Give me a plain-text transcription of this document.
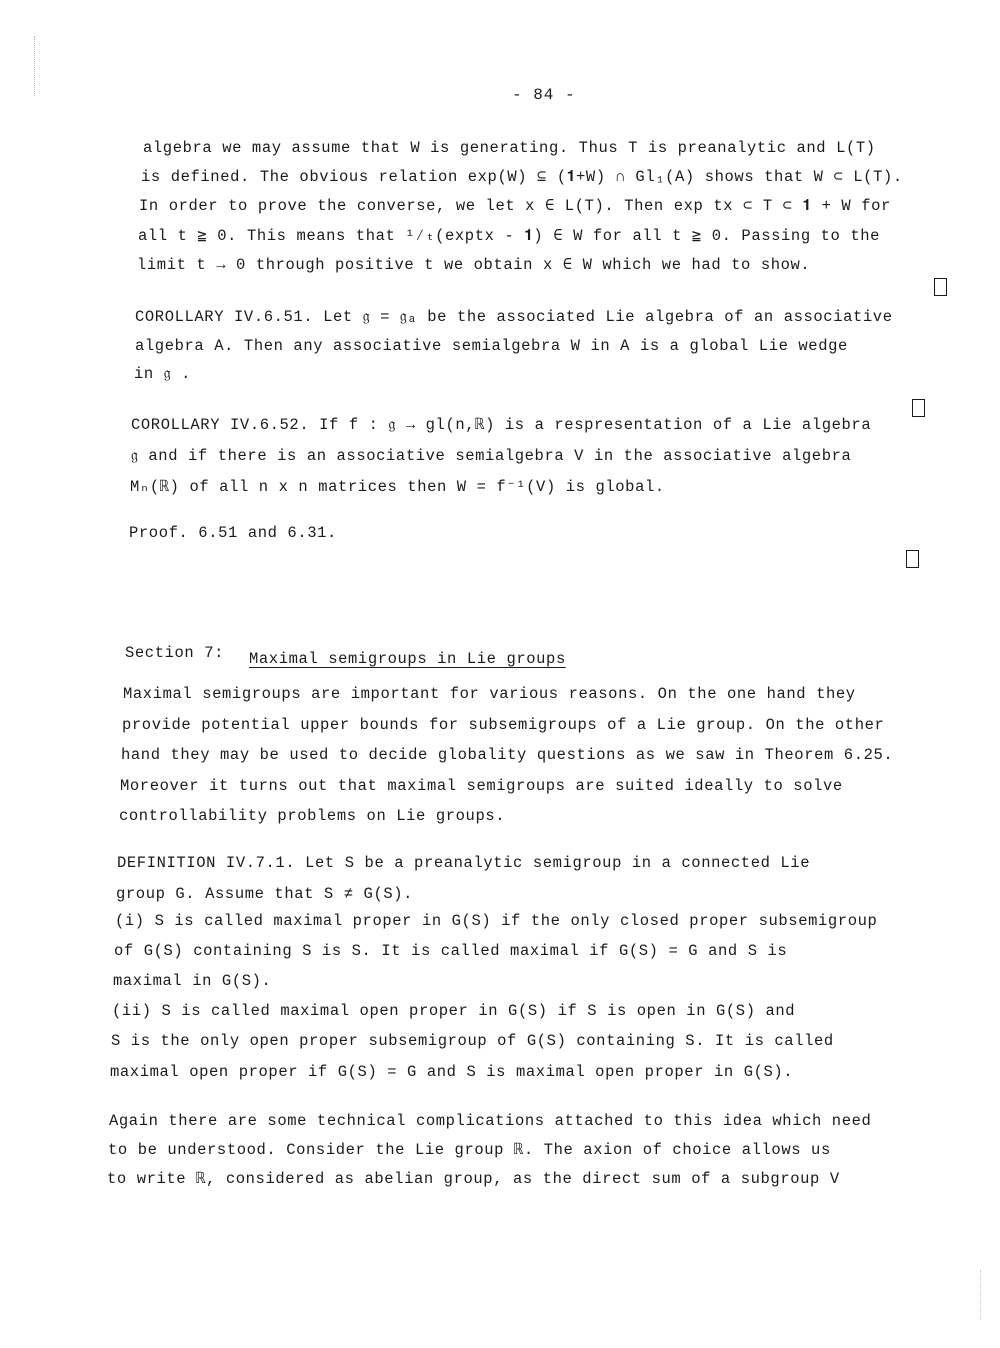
- 84 -
algebra we may assume that W is generating. Thus T is preanalytic and L(T)
is defined. The obvious relation exp(W) ⊆ (𝟏+W) ∩ Gl₁(A) shows that W ⊂ L(T).
In order to prove the converse, we let x ∈ L(T). Then exp tx ⊂ T ⊂ 𝟏 + W for
all t ≧ 0. This means that ¹⁄ₜ(exptx - 𝟏) ∈ W for all t ≧ 0. Passing to the
limit t → 0 through positive t we obtain x ∈ W which we had to show.
COROLLARY IV.6.51. Let 𝔤 = 𝔤ₐ be the associated Lie algebra of an associative
algebra A. Then any associative semialgebra W in A is a global Lie wedge
in 𝔤 .
COROLLARY IV.6.52. If f : 𝔤 → gl(n,ℝ) is a respresentation of a Lie algebra
𝔤 and if there is an associative semialgebra V in the associative algebra
Mₙ(ℝ) of all n x n matrices then W = f⁻¹(V) is global.
Proof. 6.51 and 6.31.
Section 7: Maximal semigroups in Lie groups
Maximal semigroups are important for various reasons. On the one hand they
provide potential upper bounds for subsemigroups of a Lie group. On the other
hand they may be used to decide globality questions as we saw in Theorem 6.25.
Moreover it turns out that maximal semigroups are suited ideally to solve
controllability problems on Lie groups.
DEFINITION IV.7.1. Let S be a preanalytic semigroup in a connected Lie
group G. Assume that S ≠ G(S).
(i) S is called maximal proper in G(S) if the only closed proper subsemigroup
of G(S) containing S is S. It is called maximal if G(S) = G and S is
maximal in G(S).
(ii) S is called maximal open proper in G(S) if S is open in G(S) and
S is the only open proper subsemigroup of G(S) containing S. It is called
maximal open proper if G(S) = G and S is maximal open proper in G(S).
Again there are some technical complications attached to this idea which need
to be understood. Consider the Lie group ℝ. The axion of choice allows us
to write ℝ, considered as abelian group, as the direct sum of a subgroup V
